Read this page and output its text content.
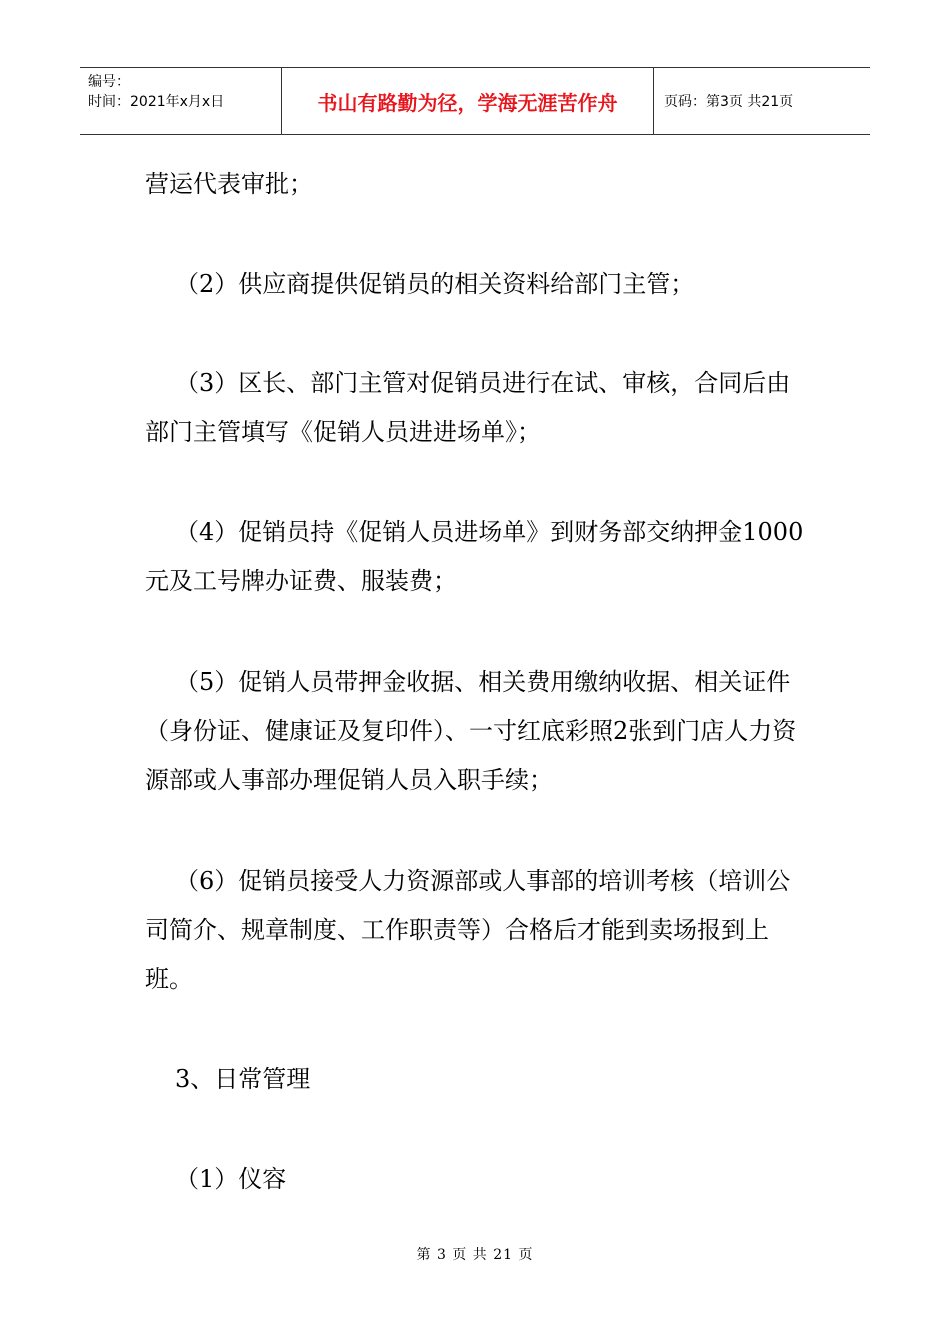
编号：
时间：2021年x月x日	书山有路勤为径，学海无涯苦作舟	页码：第3页 共21页

营运代表审批；

（2）供应商提供促销员的相关资料给部门主管；

（3）区长、部门主管对促销员进行在试、审核，合同后由部门主管填写《促销人员进进场单》；

（4）促销员持《促销人员进场单》到财务部交纳押金1000元及工号牌办证费、服装费；

（5）促销人员带押金收据、相关费用缴纳收据、相关证件（身份证、健康证及复印件）、一寸红底彩照2张到门店人力资源部或人事部办理促销人员入职手续；

（6）促销员接受人力资源部或人事部的培训考核（培训公司简介、规章制度、工作职责等）合格后才能到卖场报到上班。

3、日常管理

（1）仪容

第 3 页 共 21 页
